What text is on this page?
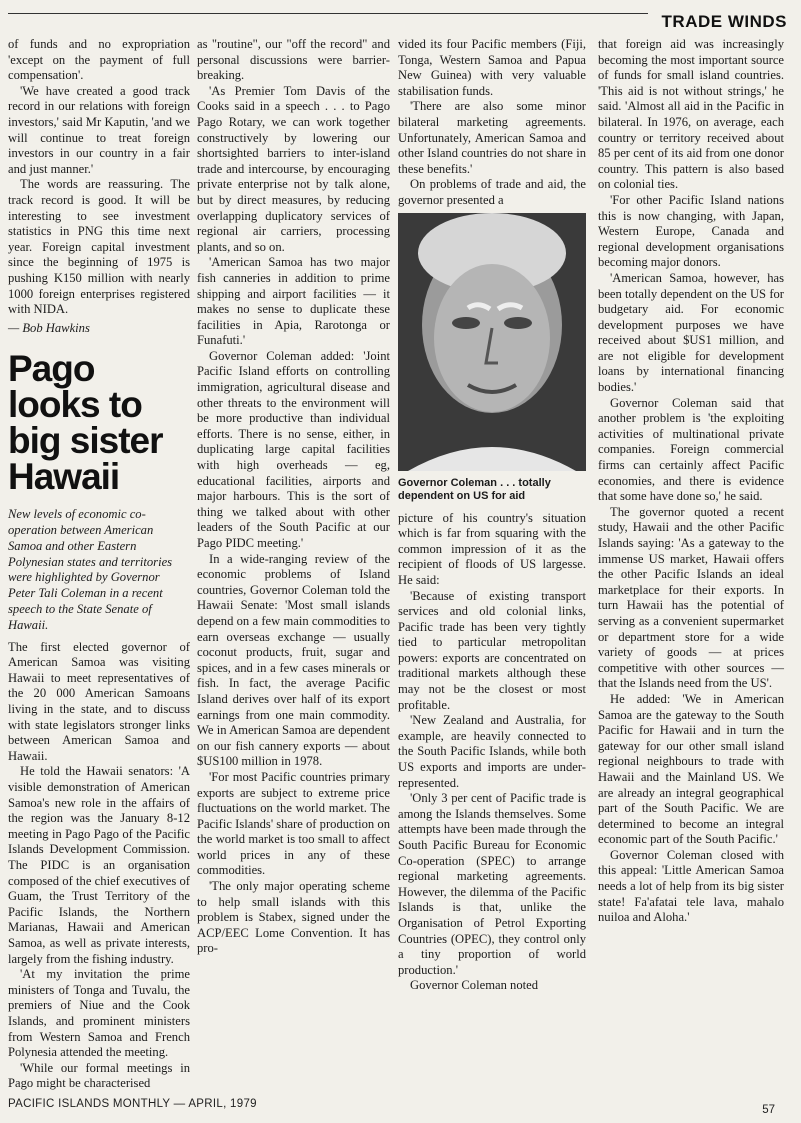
TRADE WINDS

of funds and no expropriation 'except on the payment of full compensation'.

'We have created a good track record in our relations with foreign investors,' said Mr Kaputin, 'and we will continue to treat foreign investors in our country in a fair and just manner.'

The words are reassuring. The track record is good. It will be interesting to see investment statistics in PNG this time next year. Foreign capital investment since the beginning of 1975 is pushing K150 million with nearly 1000 foreign enterprises registered with NIDA.

— Bob Hawkins

Pago looks to big sister Hawaii

New levels of economic co-operation between American Samoa and other Eastern Polynesian states and territories were highlighted by Governor Peter Tali Coleman in a recent speech to the State Senate of Hawaii.

The first elected governor of American Samoa was visiting Hawaii to meet representatives of the 20 000 American Samoans living in the state, and to discuss with state legislators stronger links between American Samoa and Hawaii.

He told the Hawaii senators: 'A visible demonstration of American Samoa's new role in the affairs of the region was the January 8-12 meeting in Pago Pago of the Pacific Islands Development Commission. The PIDC is an organisation composed of the chief executives of Guam, the Trust Territory of the Pacific Islands, the Northern Marianas, Hawaii and American Samoa, as well as private interests, largely from the fishing industry.

'At my invitation the prime ministers of Tonga and Tuvalu, the premiers of Niue and the Cook Islands, and prominent ministers from Western Samoa and French Polynesia attended the meeting.

'While our formal meetings in Pago might be characterised

as "routine", our "off the record" and personal discussions were barrier-breaking.

'As Premier Tom Davis of the Cooks said in a speech . . . to Pago Pago Rotary, we can work together constructively by lowering our shortsighted barriers to inter-island trade and intercourse, by encouraging private enterprise not by talk alone, but by direct measures, by reducing overlapping duplicatory services of regional air carriers, processing plants, and so on.

'American Samoa has two major fish canneries in addition to prime shipping and airport facilities — it makes no sense to duplicate these facilities in Apia, Rarotonga or Funafuti.'

Governor Coleman added: 'Joint Pacific Island efforts on controlling immigration, agricultural disease and other threats to the environment will be more productive than individual efforts. There is no sense, either, in duplicating large capital facilities with high overheads — eg, educational facilities, airports and major harbours. This is the sort of thing we talked about with other leaders of the South Pacific at our Pago PIDC meeting.'

In a wide-ranging review of the economic problems of Island countries, Governor Coleman told the Hawaii Senate: 'Most small islands depend on a few main commodities to earn overseas exchange — usually coconut products, fruit, sugar and spices, and in a few cases minerals or fish. In fact, the average Pacific Island derives over half of its export earnings from one main commodity. We in American Samoa are dependent on our fish cannery exports — about $US100 million in 1978.

'For most Pacific countries primary exports are subject to extreme price fluctuations on the world market. The Pacific Islands' share of production on the world market is too small to affect world prices in any of these commodities.

'The only major operating scheme to help small islands with this problem is Stabex, signed under the ACP/EEC Lome Convention. It has pro-

vided its four Pacific members (Fiji, Tonga, Western Samoa and Papua New Guinea) with very valuable stabilisation funds.

'There are also some minor bilateral marketing agreements. Unfortunately, American Samoa and other Island countries do not share in these benefits.'

On problems of trade and aid, the governor presented a

Governor Coleman . . . totally dependent on US for aid

picture of his country's situation which is far from squaring with the common impression of it as the recipient of floods of US largesse. He said:

'Because of existing transport services and old colonial links, Pacific trade has been very tightly tied to particular metropolitan powers: exports are concentrated on traditional markets although these may not be the closest or most profitable.

'New Zealand and Australia, for example, are heavily connected to the South Pacific Islands, while both US exports and imports are under-represented.

'Only 3 per cent of Pacific trade is among the Islands themselves. Some attempts have been made through the South Pacific Bureau for Economic Co-operation (SPEC) to arrange regional marketing agreements. However, the dilemma of the Pacific Islands is that, unlike the Organisation of Petrol Exporting Countries (OPEC), they control only a tiny proportion of world production.'

Governor Coleman noted

that foreign aid was increasingly becoming the most important source of funds for small island countries. 'This aid is not without strings,' he said. 'Almost all aid in the Pacific in bilateral. In 1976, on average, each country or territory received about 85 per cent of its aid from one donor country. This pattern is also based on colonial ties.

'For other Pacific Island nations this is now changing, with Japan, Western Europe, Canada and regional development organisations becoming major donors.

'American Samoa, however, has been totally dependent on the US for budgetary aid. For economic development purposes we have received about $US1 million, and are not eligible for development loans by international financing bodies.'

Governor Coleman said that another problem is 'the exploiting activities of multinational private companies. Foreign commercial firms can certainly affect Pacific economies, and there is evidence that some have done so,' he said.

The governor quoted a recent study, Hawaii and the other Pacific Islands saying: 'As a gateway to the immense US market, Hawaii offers the other Pacific Islands an ideal marketplace for their exports. In turn Hawaii has the potential of serving as a convenient supermarket or department store for a wide variety of goods — at prices competitive with other sources — that the Islands need from the US'.

He added: 'We in American Samoa are the gateway to the South Pacific for Hawaii and in turn the gateway for our other small island regional neighbours to trade with Hawaii and the Mainland US. We are already an integral geographical part of the South Pacific. We are determined to become an integral economic part of the South Pacific.'

Governor Coleman closed with this appeal: 'Little American Samoa needs a lot of help from its big sister state! Fa'afatai tele lava, mahalo nuiloa and Aloha.'

PACIFIC ISLANDS MONTHLY — APRIL, 1979	57
